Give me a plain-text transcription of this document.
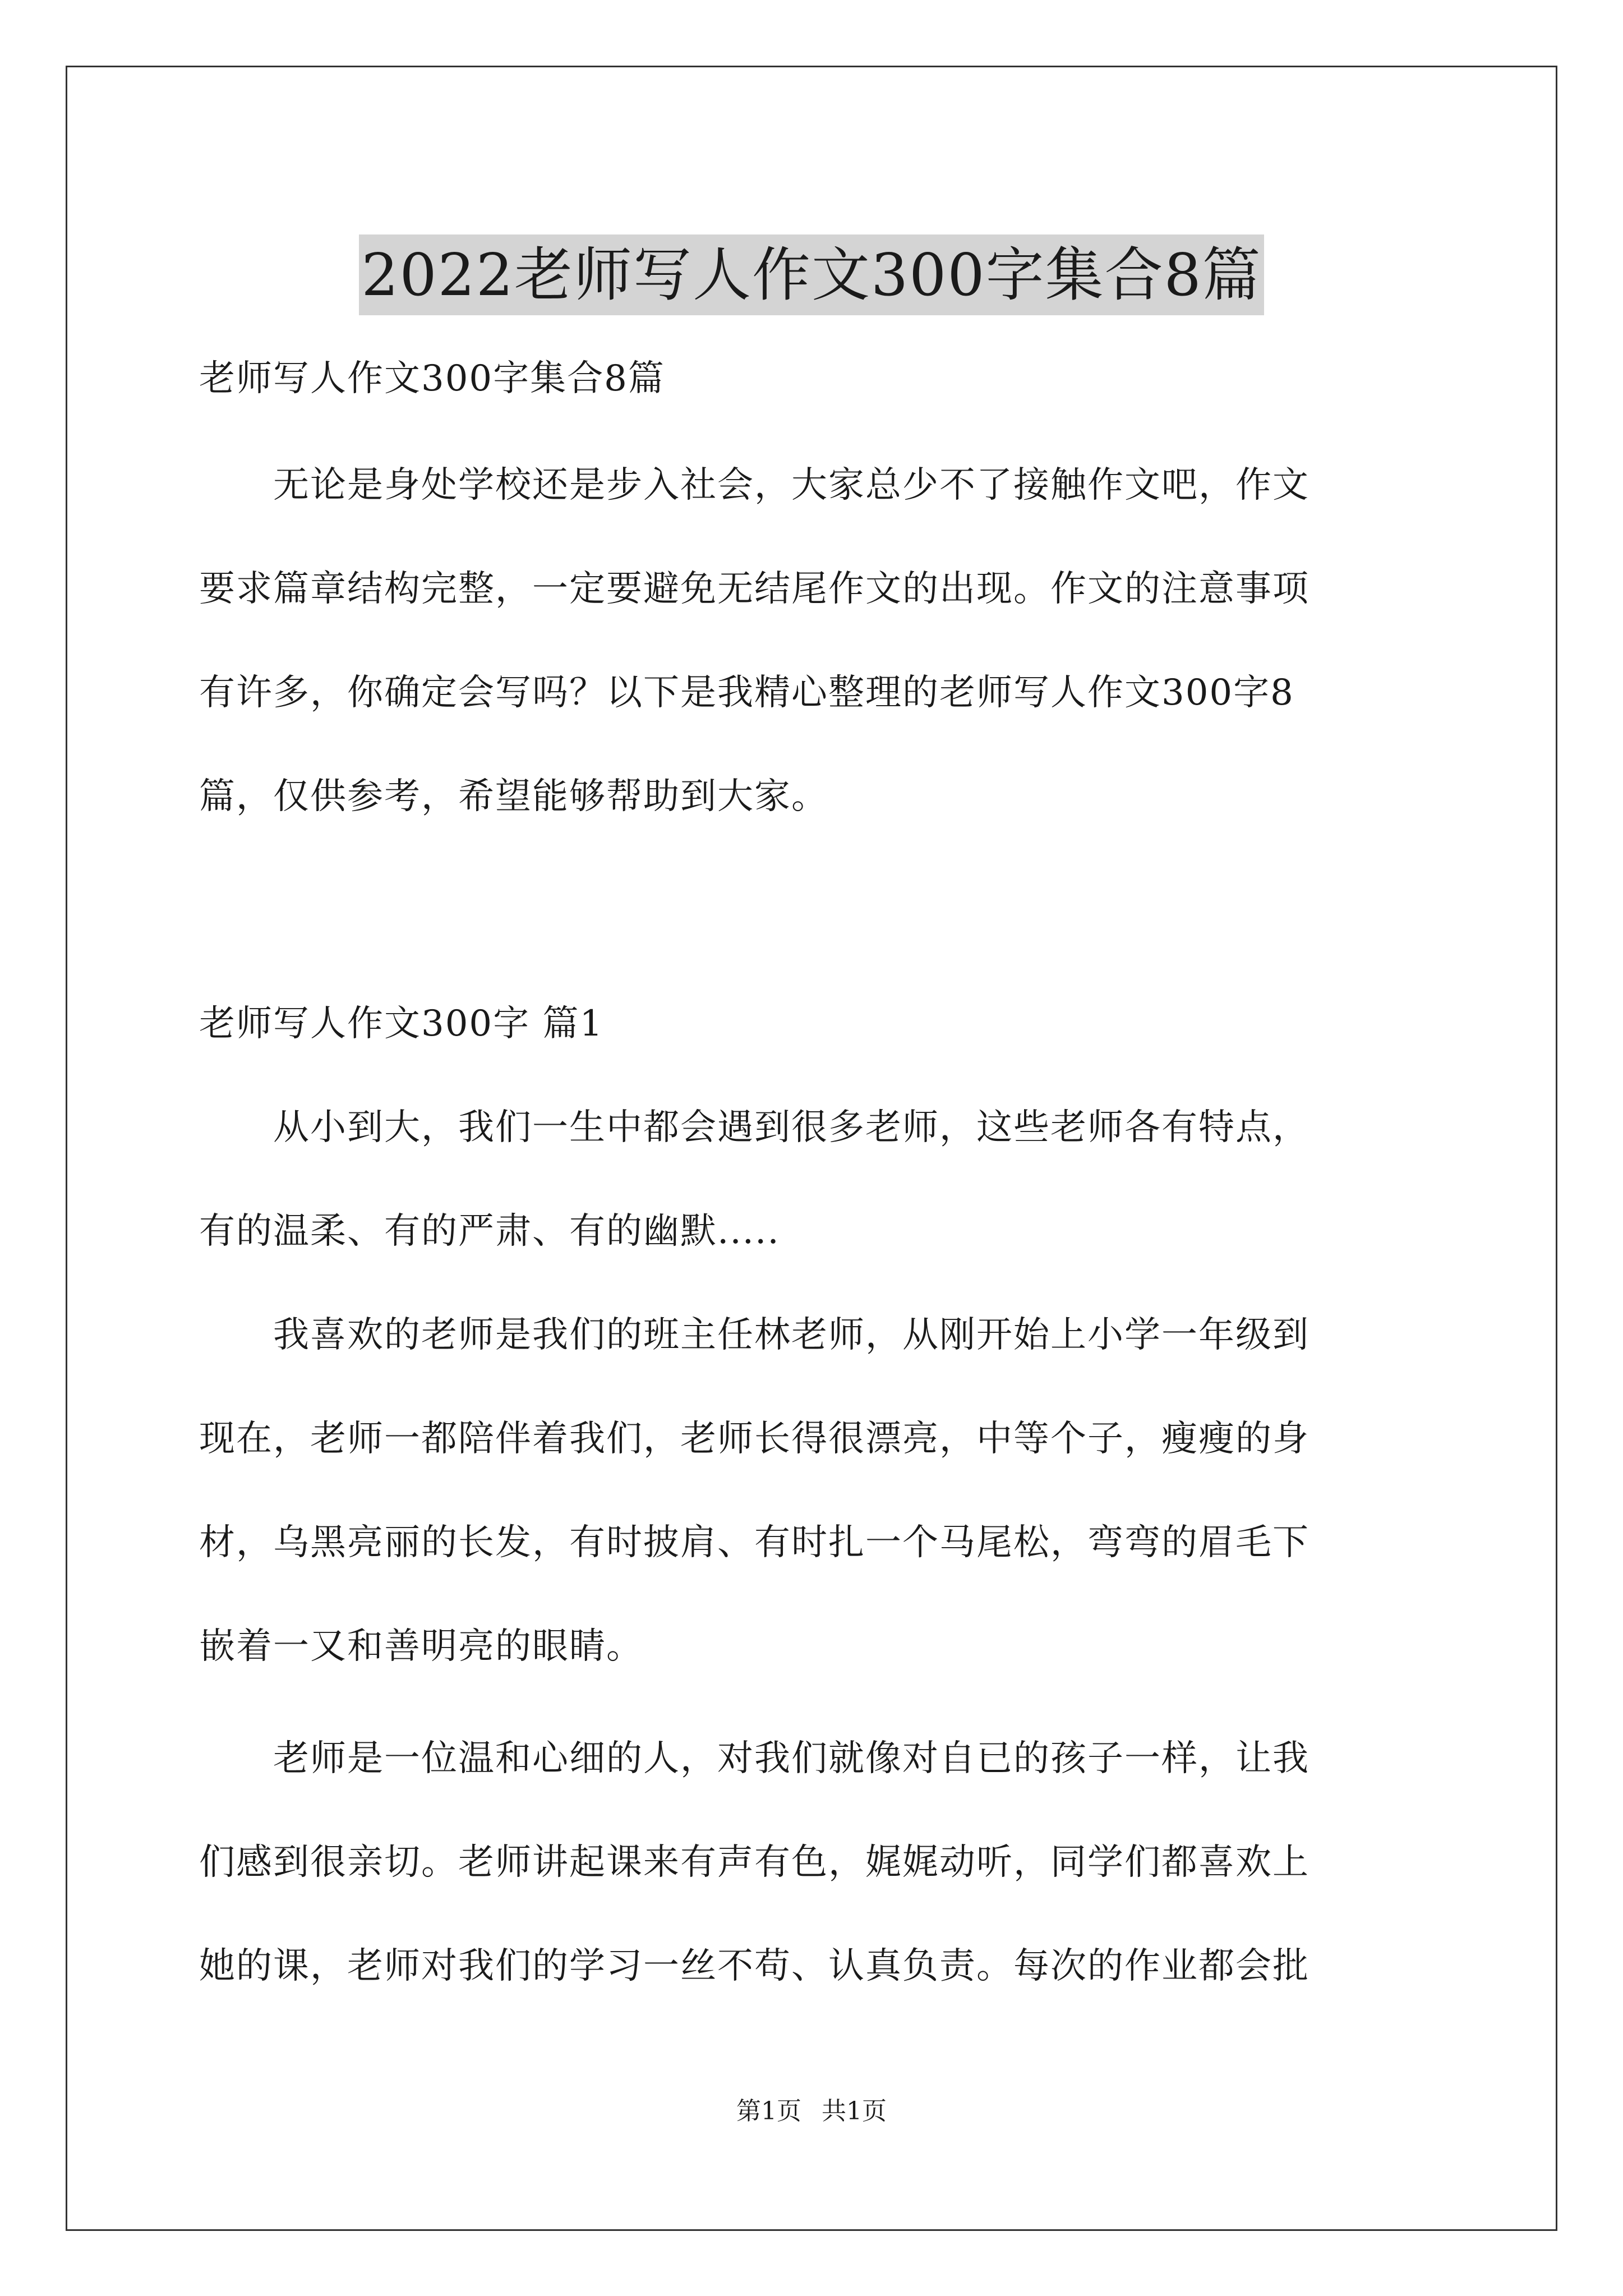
2022老师写人作文300字集合8篇
老师写人作文300字集合8篇
　　无论是身处学校还是步入社会，大家总少不了接触作文吧，作文
要求篇章结构完整，一定要避免无结尾作文的出现。作文的注意事项
有许多，你确定会写吗？以下是我精心整理的老师写人作文300字8
篇，仅供参考，希望能够帮助到大家。
老师写人作文300字 篇1
　　从小到大，我们一生中都会遇到很多老师，这些老师各有特点，
有的温柔、有的严肃、有的幽默.....
　　我喜欢的老师是我们的班主任林老师，从刚开始上小学一年级到
现在，老师一都陪伴着我们，老师长得很漂亮，中等个子，瘦瘦的身
材，乌黑亮丽的长发，有时披肩、有时扎一个马尾松，弯弯的眉毛下
嵌着一又和善明亮的眼睛。
　　老师是一位温和心细的人，对我们就像对自已的孩子一样，让我
们感到很亲切。老师讲起课来有声有色，娓娓动听，同学们都喜欢上
她的课，老师对我们的学习一丝不苟、认真负责。每次的作业都会批
第1页 共1页
